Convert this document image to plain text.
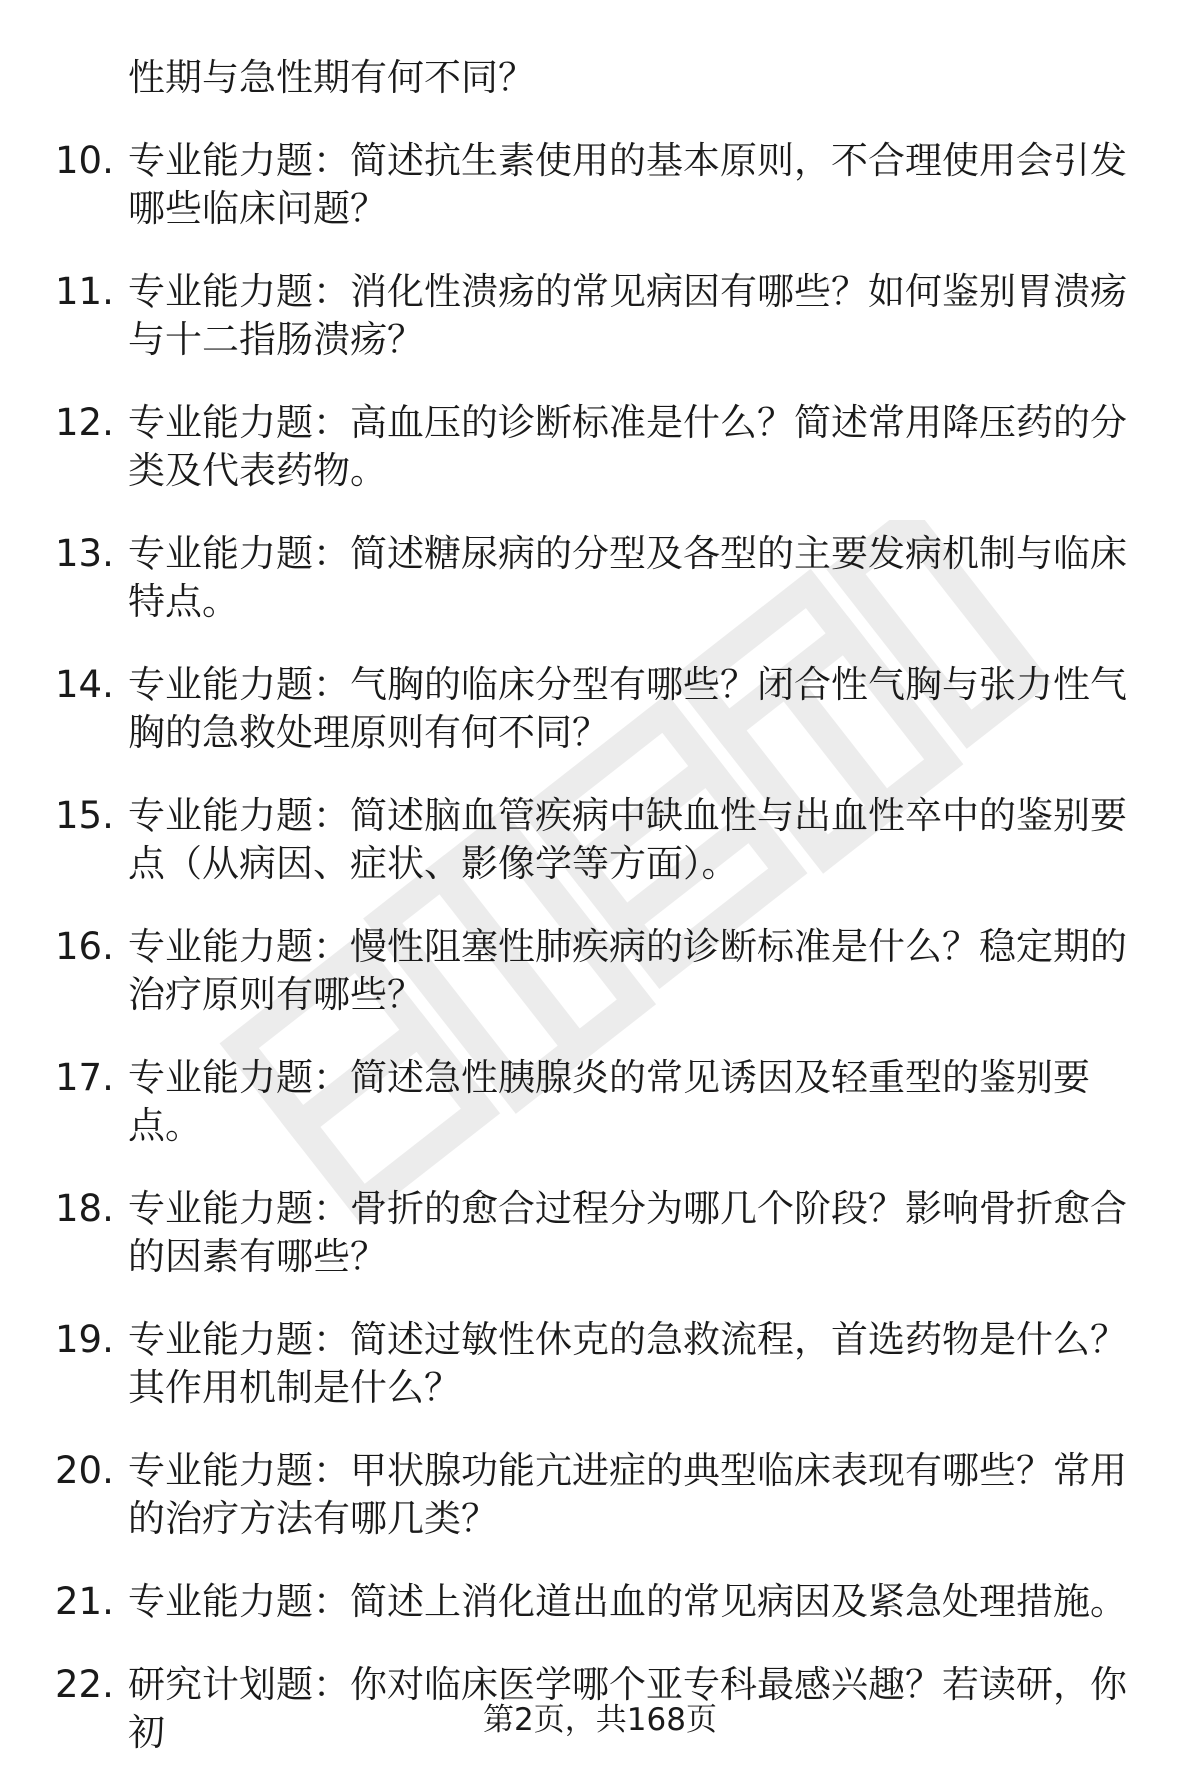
性期与急性期有何不同？
10. 专业能力题：简述抗生素使用的基本原则，不合理使用会引发哪些临床问题？
11. 专业能力题：消化性溃疡的常见病因有哪些？如何鉴别胃溃疡与十二指肠溃疡？
12. 专业能力题：高血压的诊断标准是什么？简述常用降压药的分类及代表药物。
13. 专业能力题：简述糖尿病的分型及各型的主要发病机制与临床特点。
14. 专业能力题：气胸的临床分型有哪些？闭合性气胸与张力性气胸的急救处理原则有何不同？
15. 专业能力题：简述脑血管疾病中缺血性与出血性卒中的鉴别要点（从病因、症状、影像学等方面）。
16. 专业能力题：慢性阻塞性肺疾病的诊断标准是什么？稳定期的治疗原则有哪些？
17. 专业能力题：简述急性胰腺炎的常见诱因及轻重型的鉴别要点。
18. 专业能力题：骨折的愈合过程分为哪几个阶段？影响骨折愈合的因素有哪些？
19. 专业能力题：简述过敏性休克的急救流程，首选药物是什么？其作用机制是什么？
20. 专业能力题：甲状腺功能亢进症的典型临床表现有哪些？常用的治疗方法有哪几类？
21. 专业能力题：简述上消化道出血的常见病因及紧急处理措施。
22. 研究计划题：你对临床医学哪个亚专科最感兴趣？若读研，你初	第2页，共168页
